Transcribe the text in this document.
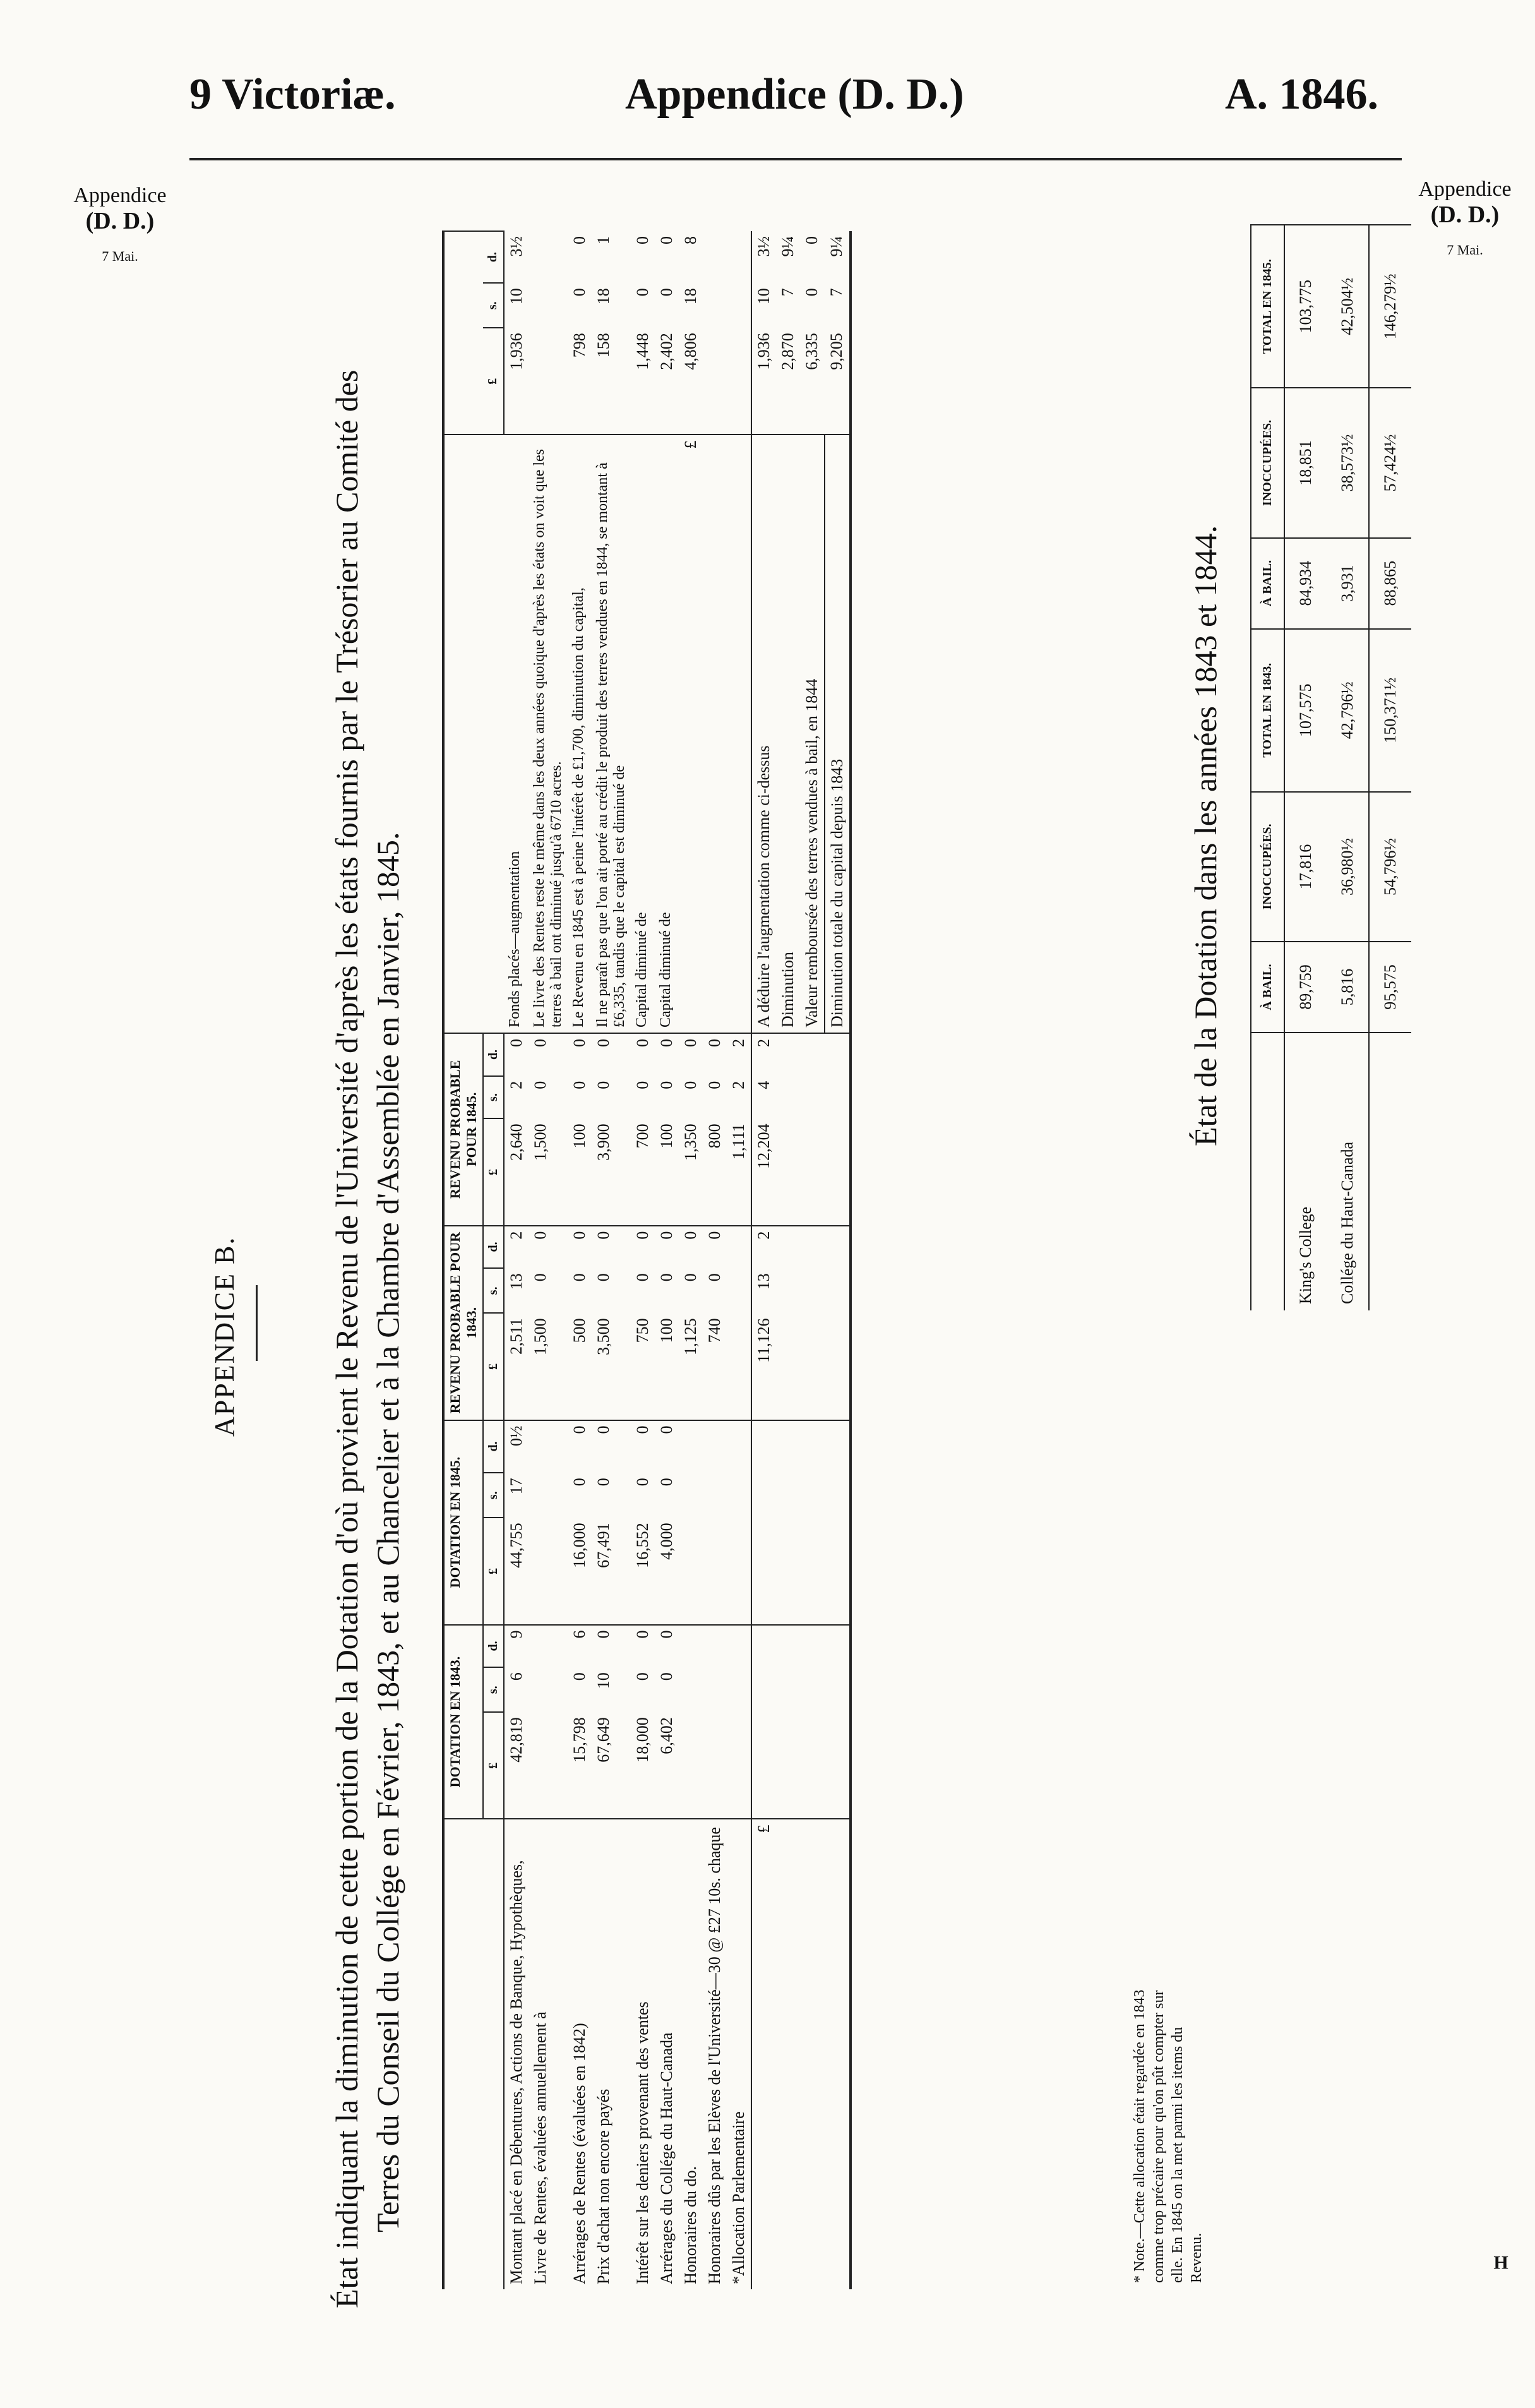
9 Victoriæ.	Appendice (D. D.)	A. 1846.
Appendice
(D. D.)
7 Mai.
Appendice
(D. D.)
7 Mai.
APPENDICE B.	État indiquant la diminution de cette portion de la Dotation d'où provient le Revenu de l'Université d'après les états fournis par le Trésorier au Comité des Terres du Conseil du Collége en Février, 1843, et au Chancelier et à la Chambre d'Assemblée en Janvier, 1845.
		DOTATION EN 1843.			DOTATION EN 1845.			REVENU PROBABLE POUR 1843.			REVENU PROBABLE POUR 1845.						
	£	s.	d.	£	s.	d.	£	s.	d.	£	s.	d.		£	s.	d.
Montant placé en Débentures, Actions de Banque, Hypothèques,	42,819	6	9	44,755	17	0½	2,511	13	2	2,640	2	0	Fonds placés—augmentation	1,936	10	3½
Livre de Rentes, évaluées annuellement à							1,500	0	0	1,500	0	0	Le livre des Rentes reste le même dans les deux années quoique d'après les états on voit que les terres à bail ont diminué jusqu'à 6710 acres.			
Arrérages de Rentes (évaluées en 1842)	15,798	0	6	16,000	0	0	500	0	0	100	0	0	Le Revenu en 1845 est à peine l'intérêt de £1,700, diminution du capital,	798	0	0
Prix d'achat non encore payés	67,649	10	0	67,491	0	0	3,500	0	0	3,900	0	0	Il ne paraît pas que l'on ait porté au crédit le produit des terres vendues en 1844, se montant à £6,335, tandis que le capital est diminué de	158	18	1
Intérêt sur les deniers provenant des ventes	18,000	0	0	16,552	0	0	750	0	0	700	0	0	Capital diminué de	1,448	0	0
Arrérages du Collége du Haut-Canada	6,402	0	0	4,000	0	0	100	0	0	100	0	0	Capital diminué de	2,402	0	0
Honoraires du do.							1,125	0	0	1,350	0	0	£	4,806	18	8
Honoraires dûs par les Elèves de l'Université—30 @ £27 10s. chaque							740	0	0	800	0	0				
*Allocation Parlementaire										1,111	2	2				
£							11,126	13	2	12,204	4	2	A déduire l'augmentation comme ci-dessus	1,936	10	3½
													Diminution	2,870	7	9¼
													Valeur remboursée des terres vendues à bail, en 1844	6,335	0	0
													Diminution totale du capital depuis 1843	9,205	7	9¼
* Note.—Cette allocation était regardée en 1843 comme trop précaire pour qu'on pût compter sur elle. En 1845 on la met parmi les items du Revenu.
État de la Dotation dans les années 1843 et 1844.
		À BAIL.	INOCCUPÉES.	TOTAL EN 1843.	À BAIL.	INOCCUPÉES.	TOTAL EN 1845.
King's College	89,759	17,816	107,575	84,934	18,851	103,775
Collége du Haut-Canada	5,816	36,980½	42,796½	3,931	38,573½	42,504½
	95,575	54,796½	150,371½	88,865	57,424½	146,279½
H
